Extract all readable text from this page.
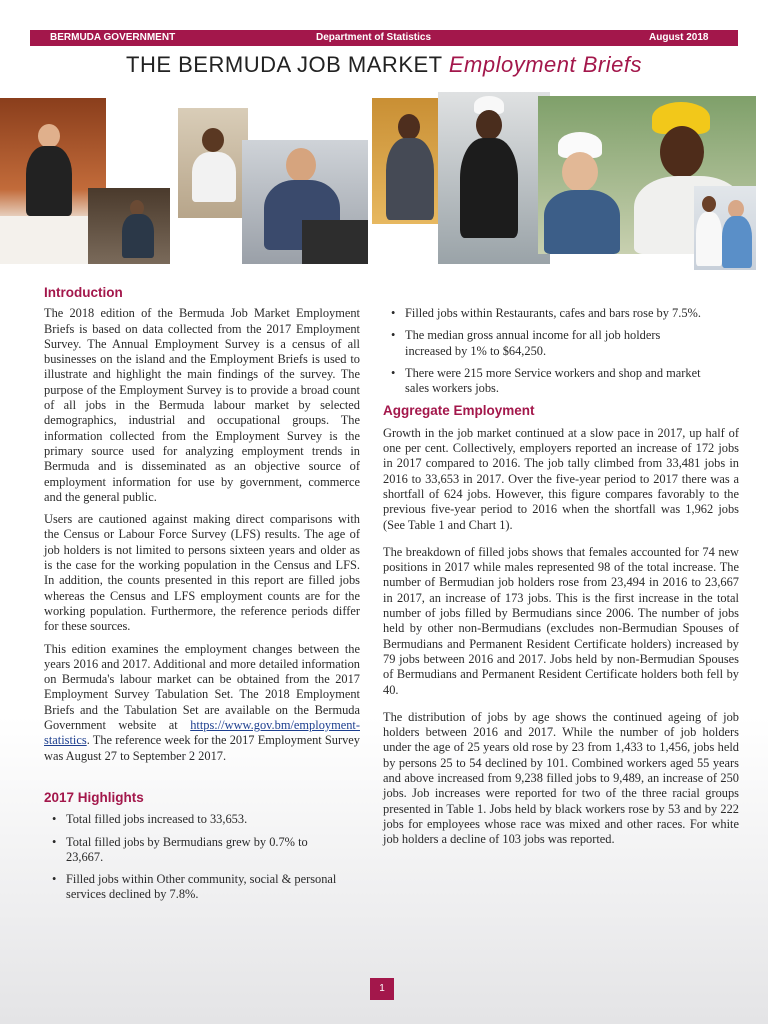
BERMUDA GOVERNMENT	Department of Statistics	August 2018
THE BERMUDA JOB MARKET Employment Briefs
Introduction

The 2018 edition of the Bermuda Job Market Employment Briefs is based on data collected from the 2017 Employment Survey. The Annual Employment Survey is a census of all businesses on the island and the Employment Briefs is used to illustrate and highlight the main findings of the survey. The purpose of the Employment Survey is to provide a broad count of all jobs in the Bermuda labour market by selected demographics, industrial and occupational groups. The information collected from the Employment Survey is the primary source used for analyzing employment trends in Bermuda and is disseminated as an objective source of employment information for use by government, commerce and the general public.

Users are cautioned against making direct comparisons with the Census or Labour Force Survey (LFS) results. The age of job holders is not limited to persons sixteen years and older as is the case for the working population in the Census and LFS. In addition, the counts presented in this report are filled jobs whereas the Census and LFS employment counts are for the working population. Furthermore, the reference periods differ for these sources.

This edition examines the employment changes between the years 2016 and 2017. Additional and more detailed information on Bermuda's labour market can be obtained from the 2017 Employment Survey Tabulation Set. The 2018 Employment Briefs and the Tabulation Set are available on the Bermuda Government website at https://www.gov.bm/employment-statistics. The reference week for the 2017 Employment Survey was August 27 to September 2 2017.

2017 Highlights
• Total filled jobs increased to 33,653.
• Total filled jobs by Bermudians grew by 0.7% to 23,667.
• Filled jobs within Other community, social & personal services declined by 7.8%.
• Filled jobs within Restaurants, cafes and bars rose by 7.5%.
• The median gross annual income for all job holders increased by 1% to $64,250.
• There were 215 more Service workers and shop and market sales workers jobs.
Aggregate Employment

Growth in the job market continued at a slow pace in 2017, up half of one per cent. Collectively, employers reported an increase of 172 jobs in 2017 compared to 2016. The job tally climbed from 33,481 jobs in 2016 to 33,653 in 2017. Over the five-year period to 2017 there was a shortfall of 624 jobs. However, this figure compares favorably to the previous five-year period to 2016 when the shortfall was 1,962 jobs (See Table 1 and Chart 1).

The breakdown of filled jobs shows that females accounted for 74 new positions in 2017 while males represented 98 of the total increase. The number of Bermudian job holders rose from 23,494 in 2016 to 23,667 in 2017, an increase of 173 jobs. This is the first increase in the total number of jobs filled by Bermudians since 2006. The number of jobs held by other non-Bermudians (excludes non-Bermudian Spouses of Bermudians and Permanent Resident Certificate holders) increased by 79 jobs between 2016 and 2017. Jobs held by non-Bermudian Spouses of Bermudians and Permanent Resident Certificate holders both fell by 40.

The distribution of jobs by age shows the continued ageing of job holders between 2016 and 2017. While the number of job holders under the age of 25 years old rose by 23 from 1,433 to 1,456, jobs held by persons 25 to 54 declined by 101. Combined workers aged 55 years and above increased from 9,238 filled jobs to 9,489, an increase of 250 jobs. Job increases were reported for two of the three racial groups presented in Table 1. Jobs held by black workers rose by 53 and by 222 jobs for employees whose race was mixed and other races. For white job holders a decline of 103 jobs was reported.

1
